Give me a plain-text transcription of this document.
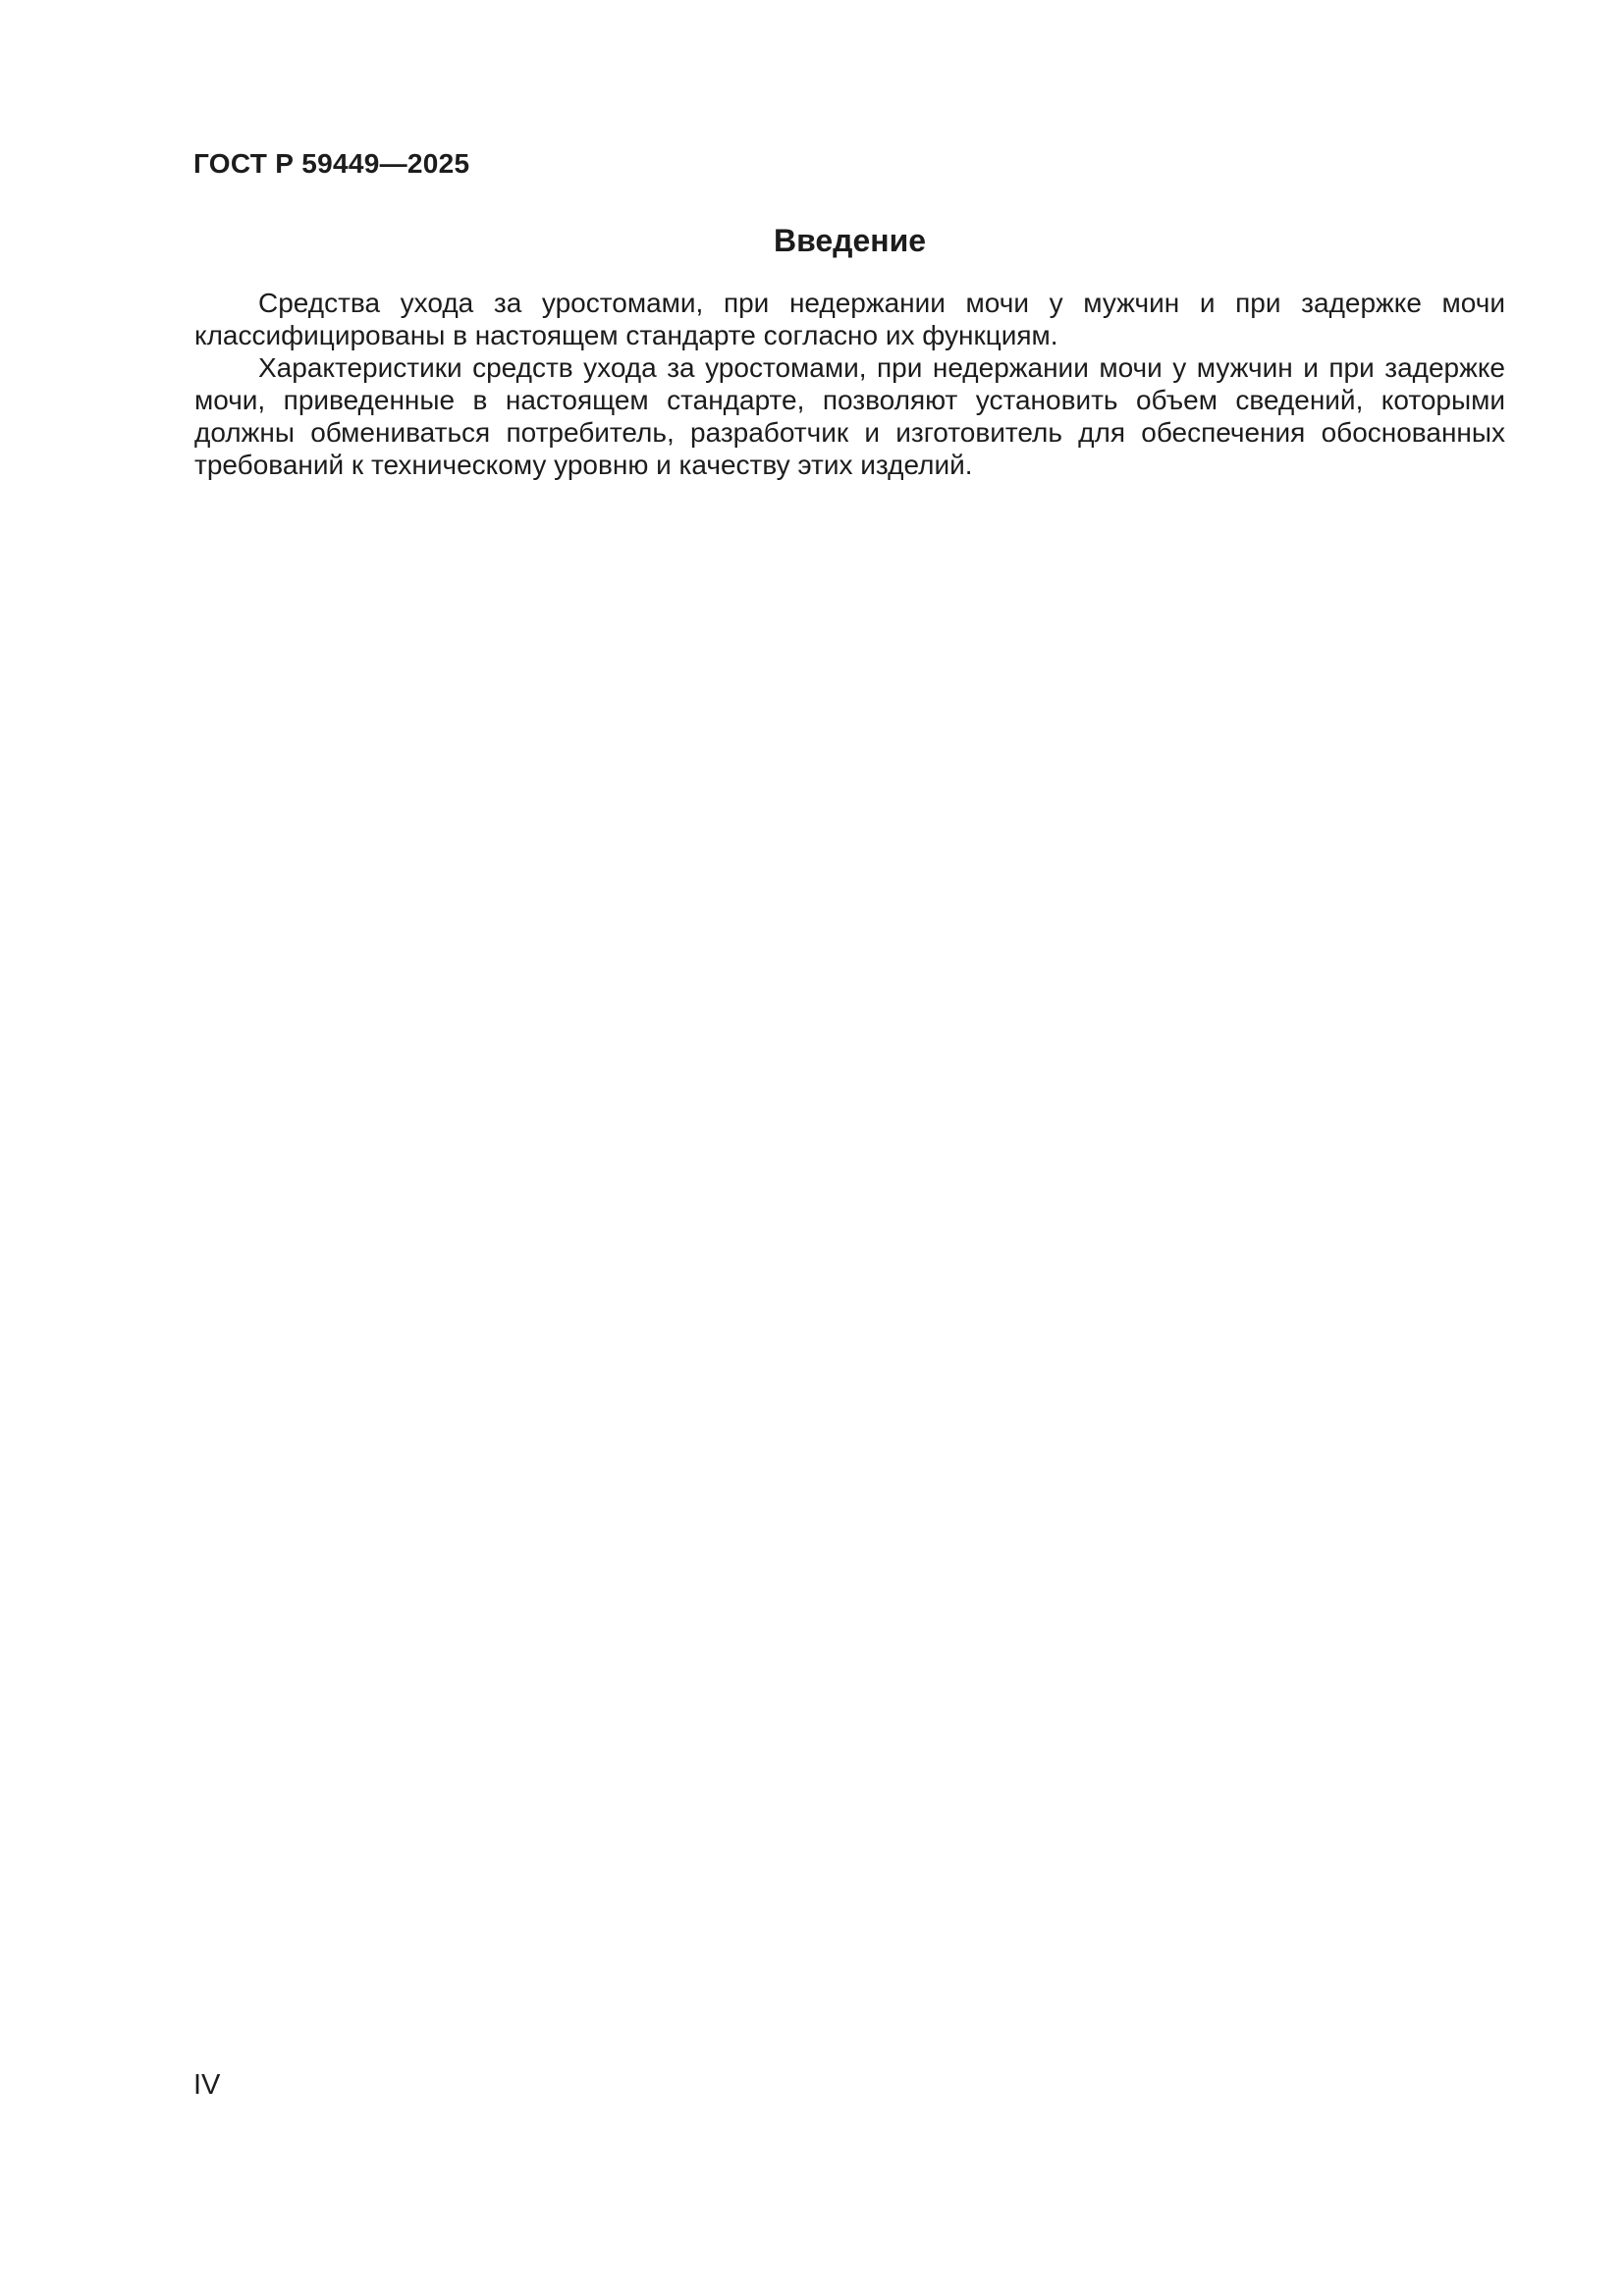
ГОСТ Р 59449—2025
Введение

Средства ухода за уростомами, при недержании мочи у мужчин и при задержке мочи классифицированы в настоящем стандарте согласно их функциям.

Характеристики средств ухода за уростомами, при недержании мочи у мужчин и при задержке мочи, приведенные в настоящем стандарте, позволяют установить объем сведений, которыми должны обмениваться потребитель, разработчик и изготовитель для обеспечения обоснованных требований к техническому уровню и качеству этих изделий.

IV
